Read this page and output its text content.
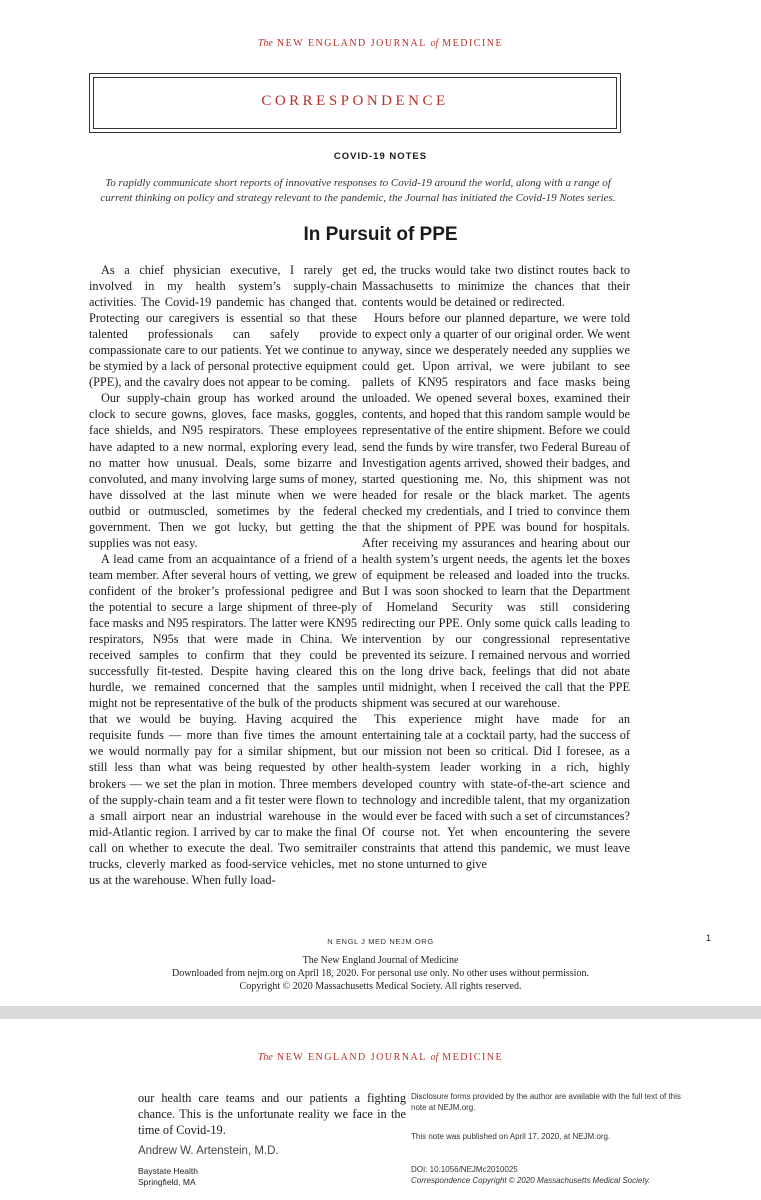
The NEW ENGLAND JOURNAL of MEDICINE
CORRESPONDENCE
COVID-19 NOTES
To rapidly communicate short reports of innovative responses to Covid-19 around the world, along with a range of current thinking on policy and strategy relevant to the pandemic, the Journal has initiated the Covid-19 Notes series.
In Pursuit of PPE

As a chief physician executive, I rarely get involved in my health system’s supply-chain activities. The Covid-19 pandemic has changed that. Protecting our caregivers is essential so that these talented professionals can safely provide compassionate care to our patients. Yet we continue to be stymied by a lack of personal protective equipment (PPE), and the cavalry does not appear to be coming.

Our supply-chain group has worked around the clock to secure gowns, gloves, face masks, goggles, face shields, and N95 respirators. These employees have adapted to a new normal, exploring every lead, no matter how unusual. Deals, some bizarre and convoluted, and many involving large sums of money, have dissolved at the last minute when we were outbid or outmuscled, sometimes by the federal government. Then we got lucky, but getting the supplies was not easy.

A lead came from an acquaintance of a friend of a team member. After several hours of vetting, we grew confident of the broker’s professional pedigree and the potential to secure a large shipment of three-ply face masks and N95 respirators. The latter were KN95 respirators, N95s that were made in China. We received samples to confirm that they could be successfully fit-tested. Despite having cleared this hurdle, we remained concerned that the samples might not be representative of the bulk of the products that we would be buying. Having acquired the requisite funds — more than five times the amount we would normally pay for a similar shipment, but still less than what was being requested by other brokers — we set the plan in motion. Three members of the supply-chain team and a fit tester were flown to a small airport near an industrial warehouse in the mid-Atlantic region. I arrived by car to make the final call on whether to execute the deal. Two semitrailer trucks, cleverly marked as food-service vehicles, met us at the warehouse. When fully load-

ed, the trucks would take two distinct routes back to Massachusetts to minimize the chances that their contents would be detained or redirected.

Hours before our planned departure, we were told to expect only a quarter of our original order. We went anyway, since we desperately needed any supplies we could get. Upon arrival, we were jubilant to see pallets of KN95 respirators and face masks being unloaded. We opened several boxes, examined their contents, and hoped that this random sample would be representative of the entire shipment. Before we could send the funds by wire transfer, two Federal Bureau of Investigation agents arrived, showed their badges, and started questioning me. No, this shipment was not headed for resale or the black market. The agents checked my credentials, and I tried to convince them that the shipment of PPE was bound for hospitals. After receiving my assurances and hearing about our health system’s urgent needs, the agents let the boxes of equipment be released and loaded into the trucks. But I was soon shocked to learn that the Department of Homeland Security was still considering redirecting our PPE. Only some quick calls leading to intervention by our congressional representative prevented its seizure. I remained nervous and worried on the long drive back, feelings that did not abate until midnight, when I received the call that the PPE shipment was secured at our warehouse.

This experience might have made for an entertaining tale at a cocktail party, had the success of our mission not been so critical. Did I foresee, as a health-system leader working in a rich, highly developed country with state-of-the-art science and technology and incredible talent, that my organization would ever be faced with such a set of circumstances? Of course not. Yet when encountering the severe constraints that attend this pandemic, we must leave no stone unturned to give

N ENGL J MED NEJM.ORG	1
The New England Journal of Medicine
Downloaded from nejm.org on April 18, 2020. For personal use only. No other uses without permission.
Copyright © 2020 Massachusetts Medical Society. All rights reserved.
The NEW ENGLAND JOURNAL of MEDICINE

our health care teams and our patients a fighting chance. This is the unfortunate reality we face in the time of Covid-19.

Andrew W. Artenstein, M.D.
Baystate Health
Springfield, MA
Disclosure forms provided by the author are available with the full text of this note at NEJM.org.
This note was published on April 17, 2020, at NEJM.org.
DOI: 10.1056/NEJMc2010025
Correspondence Copyright © 2020 Massachusetts Medical Society.
